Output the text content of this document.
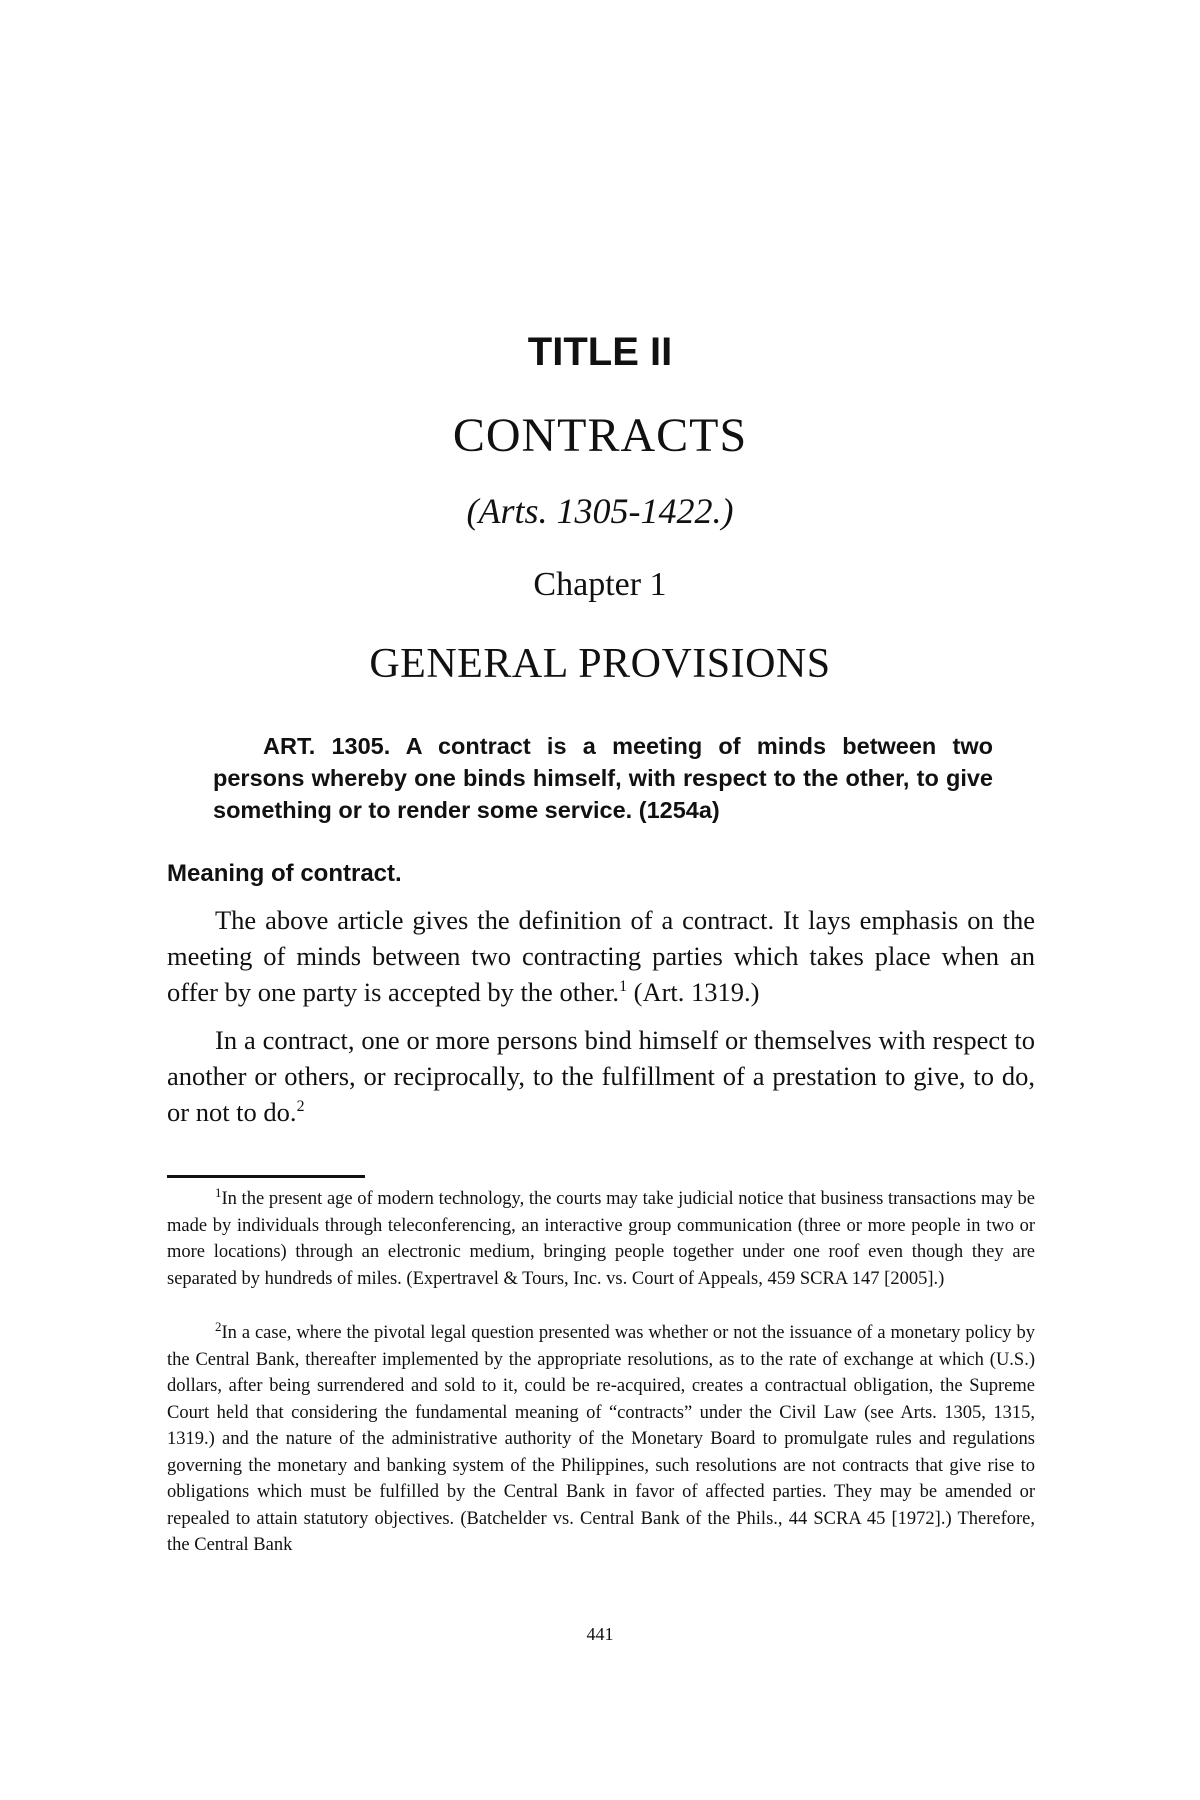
TITLE II
CONTRACTS
(Arts. 1305-1422.)
Chapter 1
GENERAL PROVISIONS
ART. 1305. A contract is a meeting of minds between two persons whereby one binds himself, with respect to the other, to give something or to render some service. (1254a)
Meaning of contract.

The above article gives the definition of a contract. It lays emphasis on the meeting of minds between two contracting parties which takes place when an offer by one party is accepted by the other.$^1$ (Art. 1319.)

In a contract, one or more persons bind himself or themselves with respect to another or others, or reciprocally, to the fulfillment of a prestation to give, to do, or not to do.$^2$

$^1$In the present age of modern technology, the courts may take judicial notice that business transactions may be made by individuals through teleconferencing, an interactive group communication (three or more people in two or more locations) through an electronic medium, bringing people together under one roof even though they are separated by hundreds of miles. (Expertravel & Tours, Inc. vs. Court of Appeals, 459 SCRA 147 [2005].)

$^2$In a case, where the pivotal legal question presented was whether or not the issuance of a monetary policy by the Central Bank, thereafter implemented by the appropriate resolutions, as to the rate of exchange at which (U.S.) dollars, after being surrendered and sold to it, could be re-acquired, creates a contractual obligation, the Supreme Court held that considering the fundamental meaning of “contracts” under the Civil Law (see Arts. 1305, 1315, 1319.) and the nature of the administrative authority of the Monetary Board to promulgate rules and regulations governing the monetary and banking system of the Philippines, such resolutions are not contracts that give rise to obligations which must be fulfilled by the Central Bank in favor of affected parties. They may be amended or repealed to attain statutory objectives. (Batchelder vs. Central Bank of the Phils., 44 SCRA 45 [1972].) Therefore, the Central Bank

441
